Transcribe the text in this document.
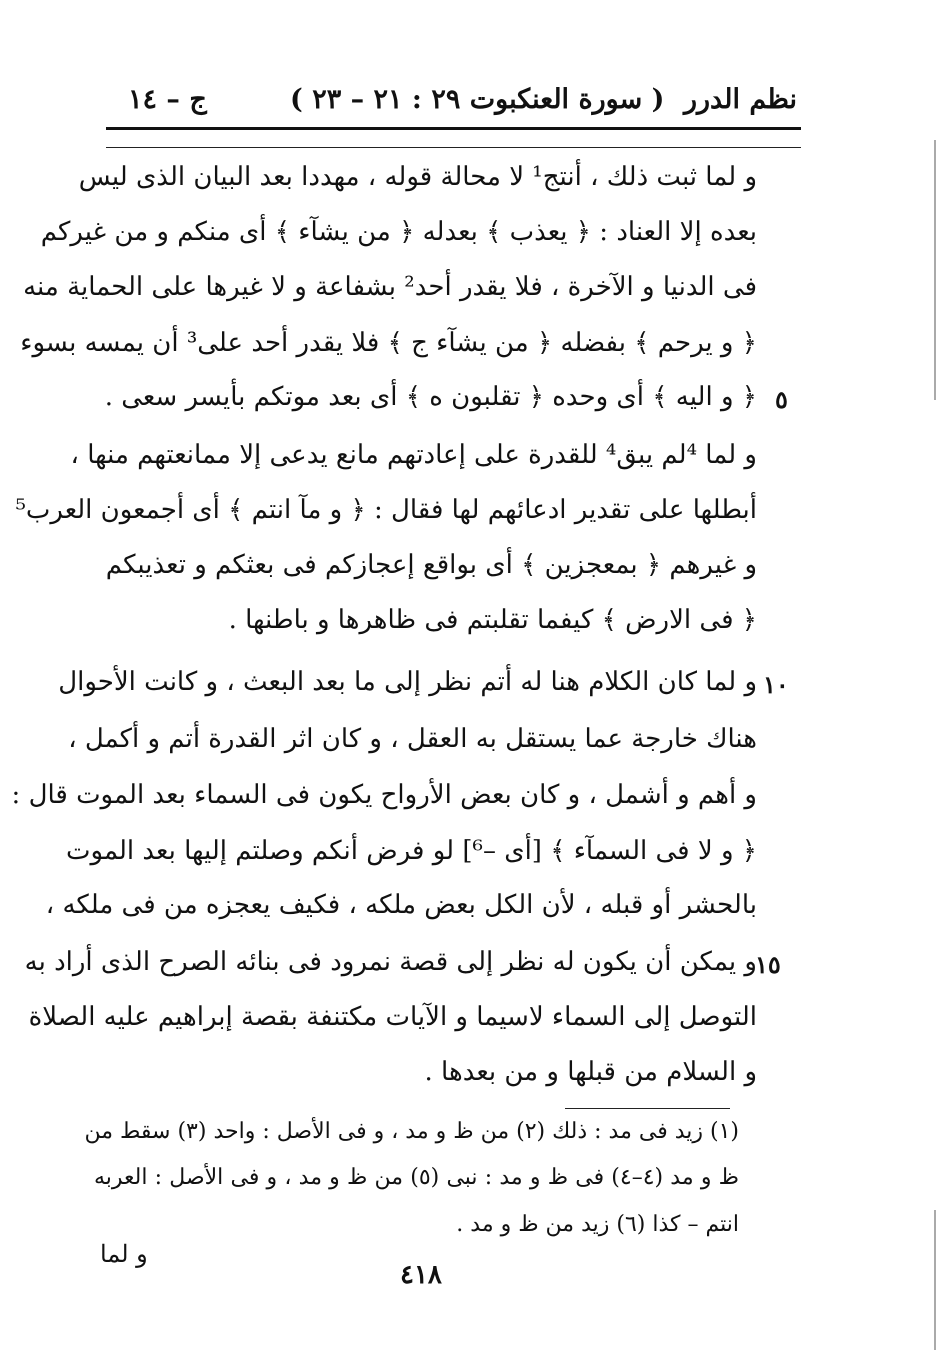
نظم الدرر
( سورة العنكبوت ٢٩ : ٢١ – ٢٣ )
ج – ١٤
و لما ثبت ذلك ، أنتج¹ لا محالة قوله ، مهددا بعد البيان الذى ليس
بعده إلا العناد : ﴿ يعذب ﴾ بعدله ﴿ من يشآء ﴾ أى منكم و من غيركم
فى الدنيا و الآخرة ، فلا يقدر أحد² بشفاعة و لا غيرها على الحماية منه
﴿ و يرحم ﴾ بفضله ﴿ من يشآء ج ﴾ فلا يقدر أحد على³ أن يمسه بسوء
﴿ و اليه ﴾ أى وحده ﴿ تقلبون ه ﴾ أى بعد موتكم بأيسر سعى .
و لما ⁴لم يبق⁴ للقدرة على إعادتهم مانع يدعى إلا ممانعتهم منها ،
أبطلها على تقدير ادعائهم لها فقال : ﴿ و مآ انتم ﴾ أى أجمعون العرب⁵
و غيرهم ﴿ بمعجزين ﴾ أى بواقع إعجازكم فى بعثكم و تعذيبكم
﴿ فى الارض ﴾ كيفما تقلبتم فى ظاهرها و باطنها .
و لما كان الكلام هنا له أتم نظر إلى ما بعد البعث ، و كانت الأحوال
هناك خارجة عما يستقل به العقل ، و كان اثر القدرة أتم و أكمل ،
و أهم و أشمل ، و كان بعض الأرواح يكون فى السماء بعد الموت قال :
﴿ و لا فى السمآء ﴾ [أى –⁶] لو فرض أنكم وصلتم إليها بعد الموت
بالحشر أو قبله ، لأن الكل بعض ملكه ، فكيف يعجزه من فى ملكه ،
و يمكن أن يكون له نظر إلى قصة نمرود فى بنائه الصرح الذى أراد به
التوصل إلى السماء لاسيما و الآيات مكتنفة بقصة إبراهيم عليه الصلاة
و السلام من قبلها و من بعدها .
٥
١٠
١٥
(١) زيد فى مد : ذلك (٢) من ظ و مد ، و فى الأصل : واحد (٣) سقط من
ظ و مد (٤–٤) فى ظ و مد : نبى (٥) من ظ و مد ، و فى الأصل : العربه
انتم – كذا (٦) زيد من ظ و مد .
و لما
٤١٨
